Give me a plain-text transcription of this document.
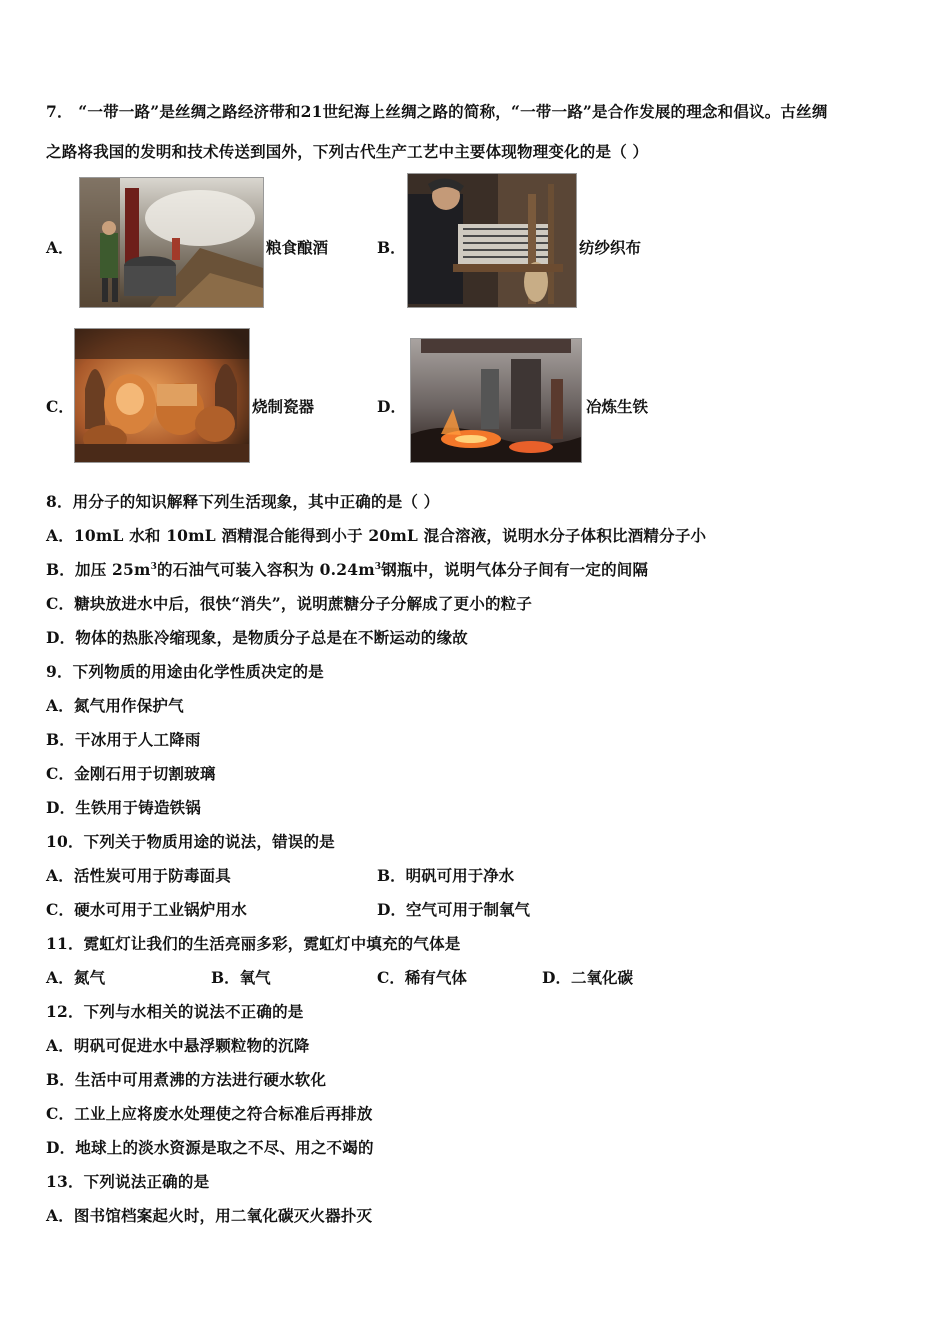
7． “一带一路”是丝绸之路经济带和21世纪海上丝绸之路的简称，“一带一路”是合作发展的理念和倡议。古丝绸
之路将我国的发明和技术传送到国外，下列古代生产工艺中主要体现物理变化的是（ ）
A．	粮食酿酒	B．	纺纱织布
C．	烧制瓷器	D．	冶炼生铁
8．用分子的知识解释下列生活现象，其中正确的是（ ）
A．10mL 水和 10mL 酒精混合能得到小于 20mL 混合溶液，说明水分子体积比酒精分子小
B．加压 $25m^3$的石油气可装入容积为 $0.24m^3$钢瓶中，说明气体分子间有一定的间隔
C．糖块放进水中后，很快“消失”，说明蔗糖分子分解成了更小的粒子
D．物体的热胀冷缩现象，是物质分子总是在不断运动的缘故
9．下列物质的用途由化学性质决定的是
A．氮气用作保护气
B．干冰用于人工降雨
C．金刚石用于切割玻璃
D．生铁用于铸造铁锅
10．下列关于物质用途的说法，错误的是
A．活性炭可用于防毒面具	B．明矾可用于净水
C．硬水可用于工业锅炉用水	D．空气可用于制氧气
11．霓虹灯让我们的生活亮丽多彩，霓虹灯中填充的气体是
A．氮气	B．氧气	C．稀有气体	D．二氧化碳
12．下列与水相关的说法不正确的是
A．明矾可促进水中悬浮颗粒物的沉降
B．生活中可用煮沸的方法进行硬水软化
C．工业上应将废水处理使之符合标准后再排放
D．地球上的淡水资源是取之不尽、用之不竭的
13．下列说法正确的是
A．图书馆档案起火时，用二氧化碳灭火器扑灭
